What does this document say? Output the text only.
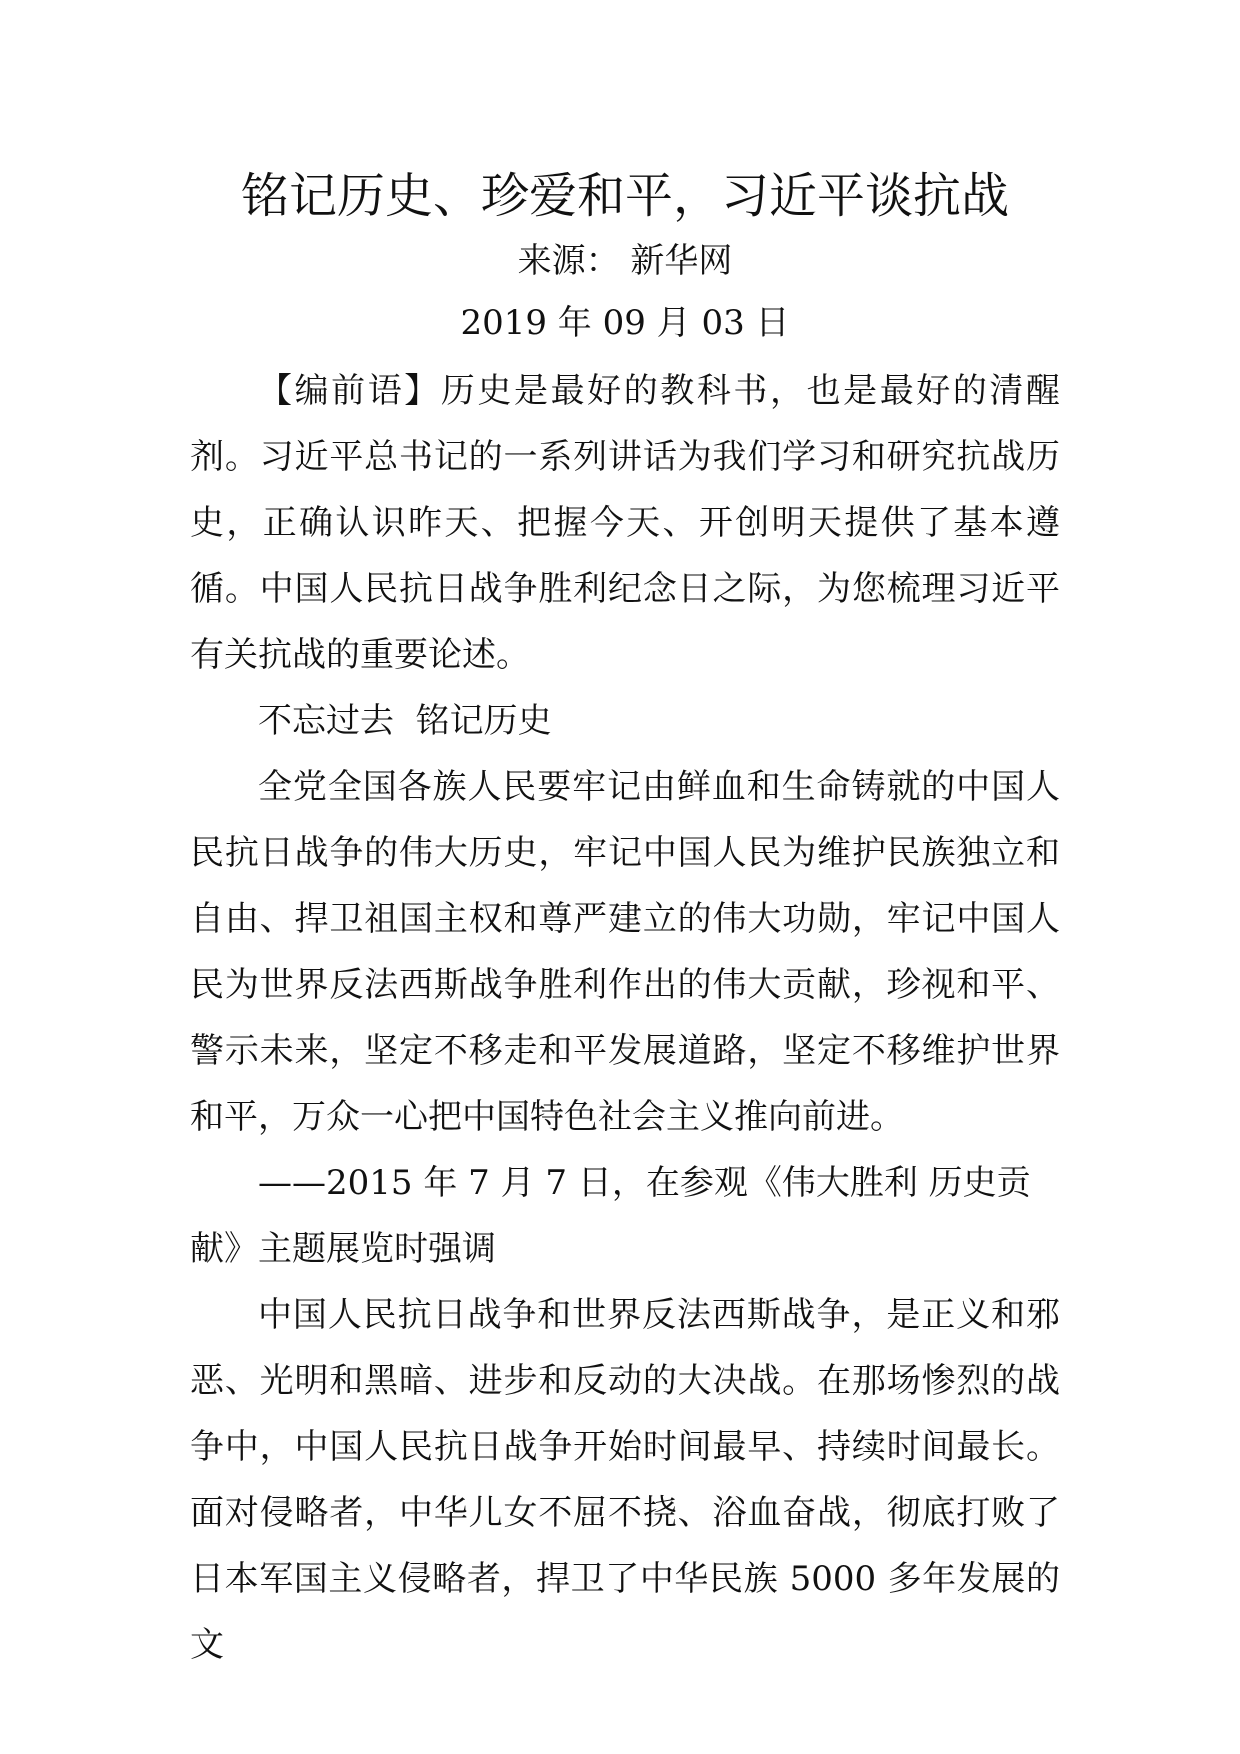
铭记历史、珍爱和平，习近平谈抗战

来源： 新华网

2019 年 09 月 03 日

【编前语】历史是最好的教科书，也是最好的清醒剂。习近平总书记的一系列讲话为我们学习和研究抗战历史，正确认识昨天、把握今天、开创明天提供了基本遵循。中国人民抗日战争胜利纪念日之际，为您梳理习近平有关抗战的重要论述。

不忘过去  铭记历史

全党全国各族人民要牢记由鲜血和生命铸就的中国人民抗日战争的伟大历史，牢记中国人民为维护民族独立和自由、捍卫祖国主权和尊严建立的伟大功勋，牢记中国人民为世界反法西斯战争胜利作出的伟大贡献，珍视和平、警示未来，坚定不移走和平发展道路，坚定不移维护世界和平，万众一心把中国特色社会主义推向前进。

——2015 年 7 月 7 日，在参观《伟大胜利 历史贡献》主题展览时强调

中国人民抗日战争和世界反法西斯战争，是正义和邪恶、光明和黑暗、进步和反动的大决战。在那场惨烈的战争中，中国人民抗日战争开始时间最早、持续时间最长。面对侵略者，中华儿女不屈不挠、浴血奋战，彻底打败了日本军国主义侵略者，捍卫了中华民族 5000 多年发展的文
